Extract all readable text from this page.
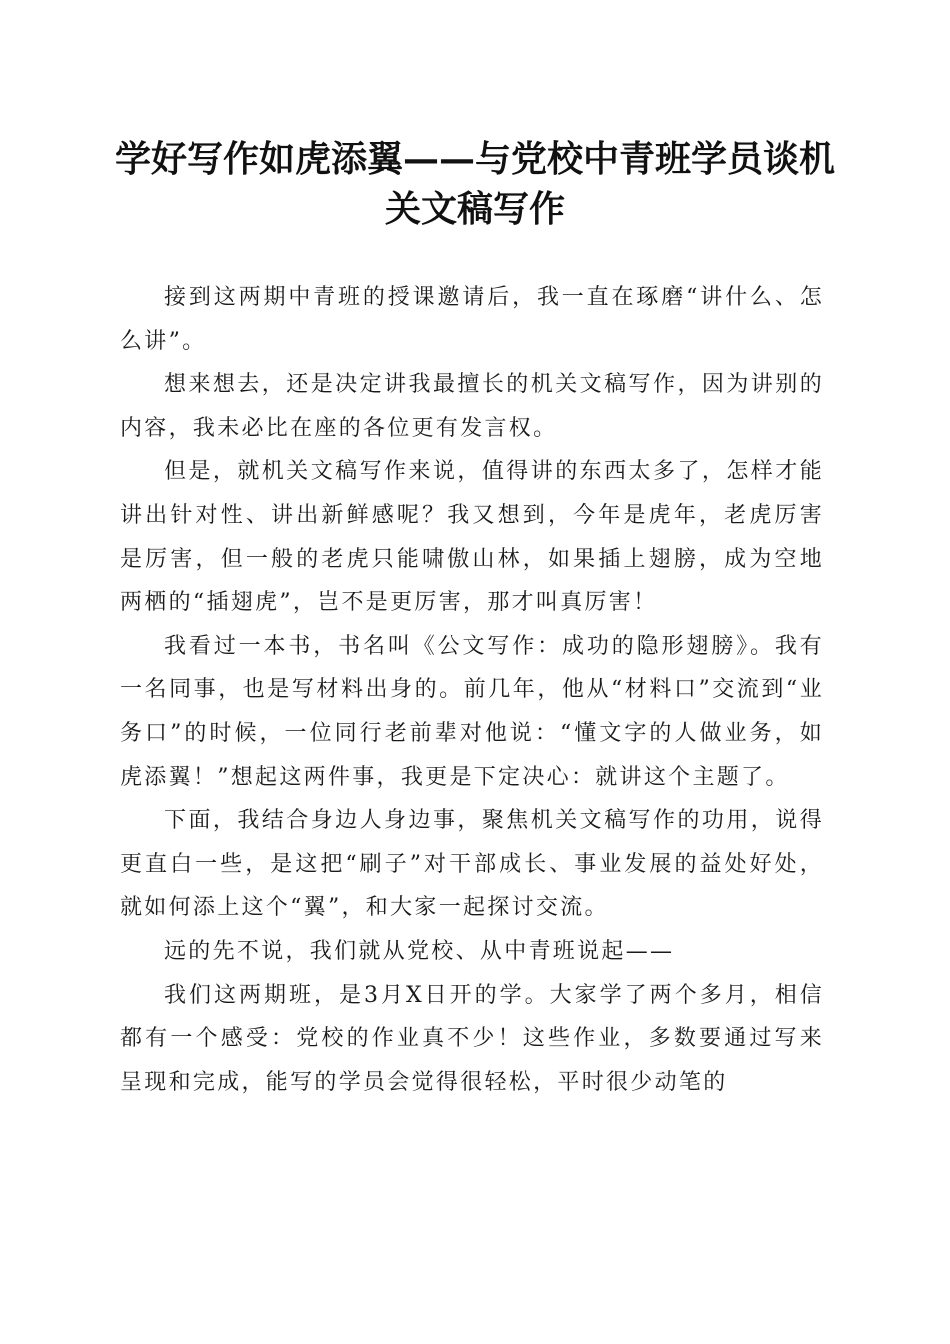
学好写作如虎添翼——与党校中青班学员谈机关文稿写作

接到这两期中青班的授课邀请后，我一直在琢磨“讲什么、怎么讲”。

想来想去，还是决定讲我最擅长的机关文稿写作，因为讲别的内容，我未必比在座的各位更有发言权。

但是，就机关文稿写作来说，值得讲的东西太多了，怎样才能讲出针对性、讲出新鲜感呢？我又想到，今年是虎年，老虎厉害是厉害，但一般的老虎只能啸傲山林，如果插上翅膀，成为空地两栖的“插翅虎”，岂不是更厉害，那才叫真厉害！

我看过一本书，书名叫《公文写作：成功的隐形翅膀》。我有一名同事，也是写材料出身的。前几年，他从“材料口”交流到“业务口”的时候，一位同行老前辈对他说：“懂文字的人做业务，如虎添翼！”想起这两件事，我更是下定决心：就讲这个主题了。

下面，我结合身边人身边事，聚焦机关文稿写作的功用，说得更直白一些，是这把“刷子”对干部成长、事业发展的益处好处，就如何添上这个“翼”，和大家一起探讨交流。

远的先不说，我们就从党校、从中青班说起——

我们这两期班，是3月X日开的学。大家学了两个多月，相信都有一个感受：党校的作业真不少！这些作业，多数要通过写来呈现和完成，能写的学员会觉得很轻松，平时很少动笔的
